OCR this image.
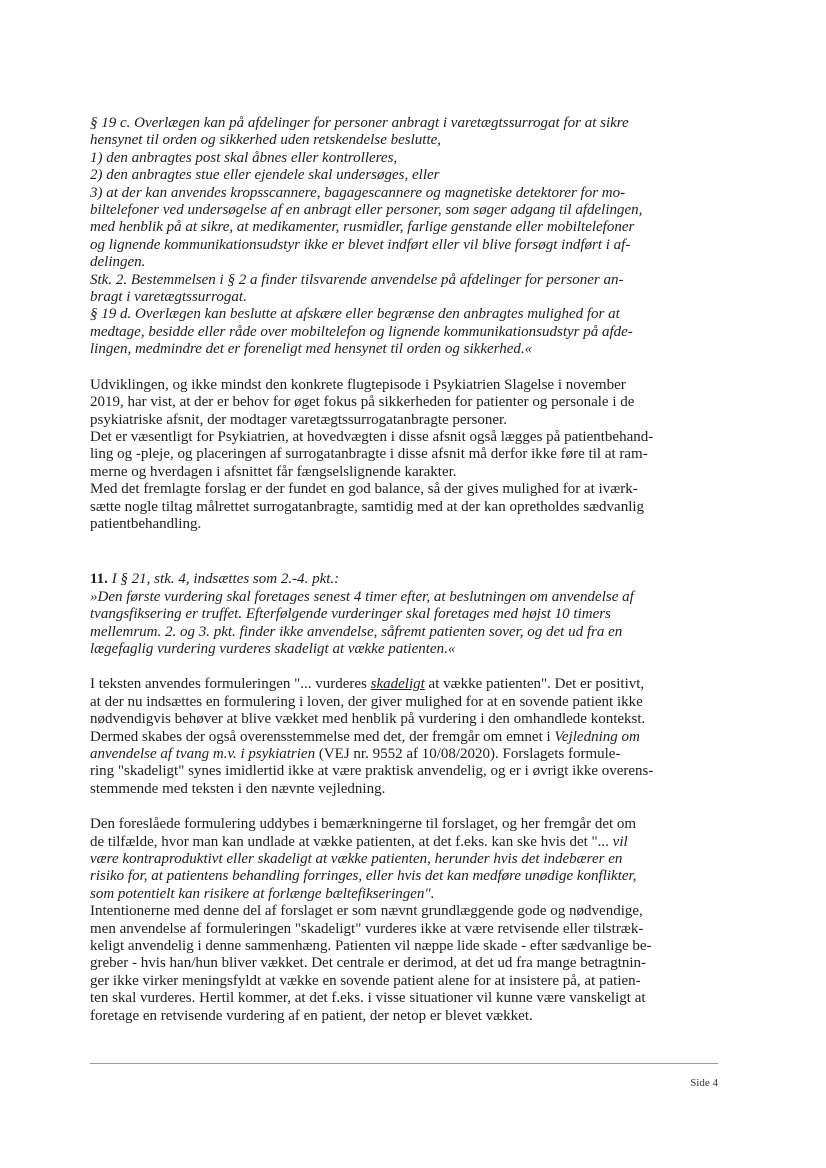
§ 19 c. Overlægen kan på afdelinger for personer anbragt i varetægtssurrogat for at sikre
hensynet til orden og sikkerhed uden retskendelse beslutte,
1) den anbragtes post skal åbnes eller kontrolleres,
2) den anbragtes stue eller ejendele skal undersøges, eller
3) at der kan anvendes kropsscannere, bagagescannere og magnetiske detektorer for mo-
biltelefoner ved undersøgelse af en anbragt eller personer, som søger adgang til afdelingen,
med henblik på at sikre, at medikamenter, rusmidler, farlige genstande eller mobiltelefoner
og lignende kommunikationsudstyr ikke er blevet indført eller vil blive forsøgt indført i af-
delingen.
Stk. 2. Bestemmelsen i § 2 a finder tilsvarende anvendelse på afdelinger for personer an-
bragt i varetægtssurrogat.
§ 19 d. Overlægen kan beslutte at afskære eller begrænse den anbragtes mulighed for at
medtage, besidde eller råde over mobiltelefon og lignende kommunikationsudstyr på afde-
lingen, medmindre det er foreneligt med hensynet til orden og sikkerhed.«
Udviklingen, og ikke mindst den konkrete flugtepisode i Psykiatrien Slagelse i november
2019, har vist, at der er behov for øget fokus på sikkerheden for patienter og personale i de
psykiatriske afsnit, der modtager varetægtssurrogatanbragte personer.
Det er væsentligt for Psykiatrien, at hovedvægten i disse afsnit også lægges på patientbehand-
ling og -pleje, og placeringen af surrogatanbragte i disse afsnit må derfor ikke føre til at ram-
merne og hverdagen i afsnittet får fængselslignende karakter.
Med det fremlagte forslag er der fundet en god balance, så der gives mulighed for at iværk-
sætte nogle tiltag målrettet surrogatanbragte, samtidig med at der kan opretholdes sædvanlig
patientbehandling.
11. I § 21, stk. 4, indsættes som 2.-4. pkt.:
»Den første vurdering skal foretages senest 4 timer efter, at beslutningen om anvendelse af
tvangsfiksering er truffet. Efterfølgende vurderinger skal foretages med højst 10 timers
mellemrum. 2. og 3. pkt. finder ikke anvendelse, såfremt patienten sover, og det ud fra en
lægefaglig vurdering vurderes skadeligt at vække patienten.«
I teksten anvendes formuleringen "... vurderes skadeligt at vække patienten". Det er positivt,
at der nu indsættes en formulering i loven, der giver mulighed for at en sovende patient ikke
nødvendigvis behøver at blive vækket med henblik på vurdering i den omhandlede kontekst.
Dermed skabes der også overensstemmelse med det, der fremgår om emnet i Vejledning om
anvendelse af tvang m.v. i psykiatrien (VEJ nr. 9552 af 10/08/2020). Forslagets formule-
ring "skadeligt" synes imidlertid ikke at være praktisk anvendelig, og er i øvrigt ikke overens-
stemmende med teksten i den nævnte vejledning.
Den foreslåede formulering uddybes i bemærkningerne til forslaget, og her fremgår det om
de tilfælde, hvor man kan undlade at vække patienten, at det f.eks. kan ske hvis det "... vil
være kontraproduktivt eller skadeligt at vække patienten, herunder hvis det indebærer en
risiko for, at patientens behandling forringes, eller hvis det kan medføre unødige konflikter,
som potentielt kan risikere at forlænge bæltefikseringen".
Intentionerne med denne del af forslaget er som nævnt grundlæggende gode og nødvendige,
men anvendelse af formuleringen "skadeligt" vurderes ikke at være retvisende eller tilstræk-
keligt anvendelig i denne sammenhæng. Patienten vil næppe lide skade - efter sædvanlige be-
greber - hvis han/hun bliver vækket. Det centrale er derimod, at det ud fra mange betragtnin-
ger ikke virker meningsfyldt at vække en sovende patient alene for at insistere på, at patien-
ten skal vurderes. Hertil kommer, at det f.eks. i visse situationer vil kunne være vanskeligt at
foretage en retvisende vurdering af en patient, der netop er blevet vækket.
Side 4
